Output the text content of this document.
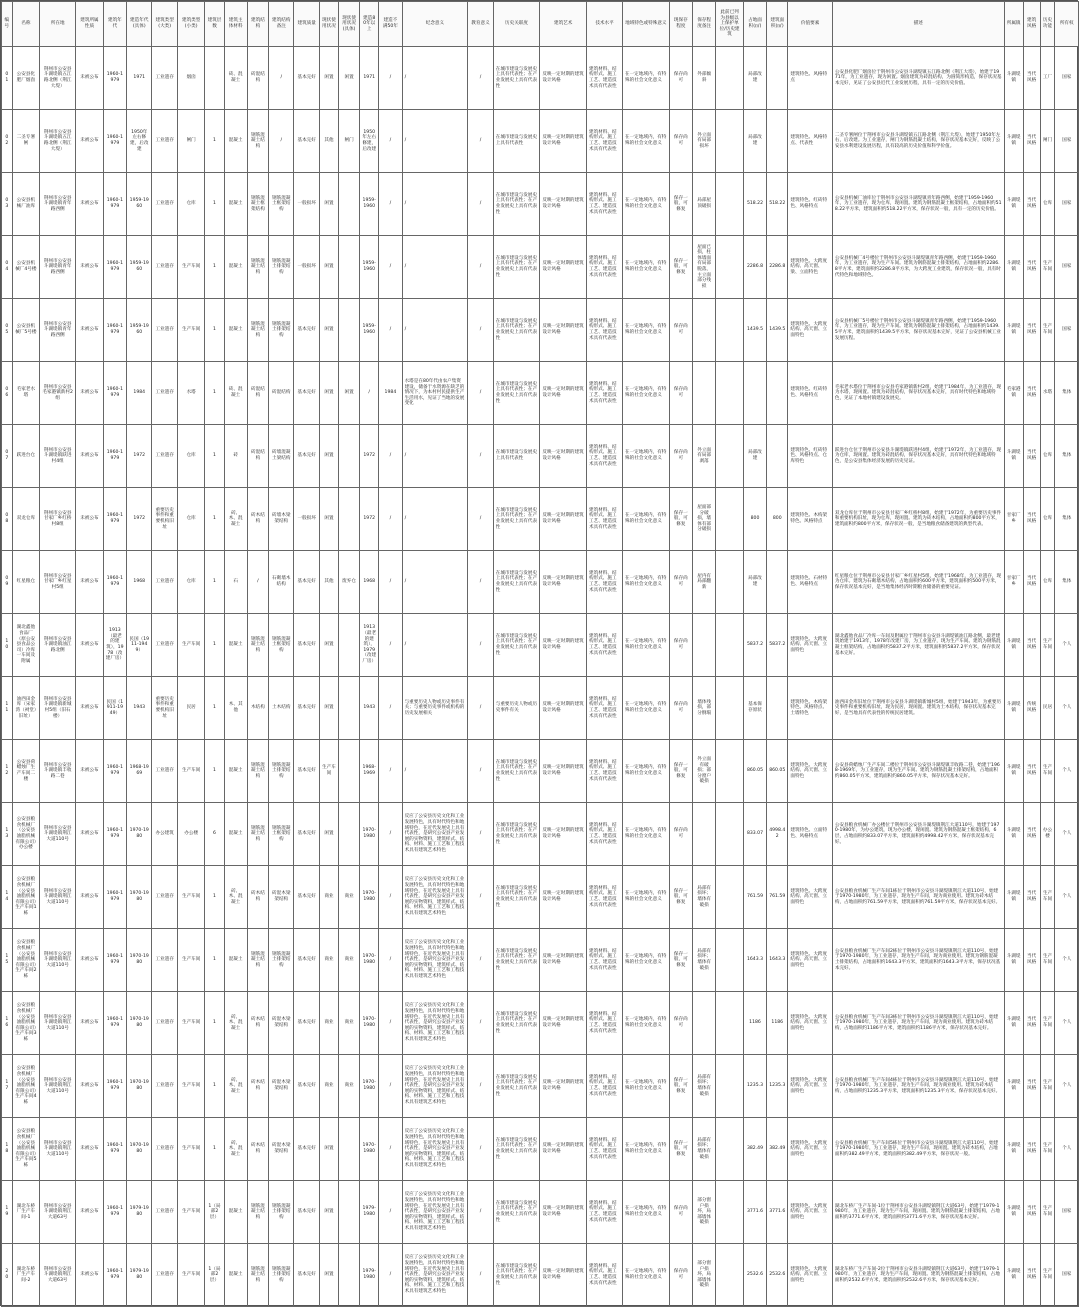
编号	名称	所在地	建筑所属性质	建筑年代	建造年代(具体)	建筑类型(大类)	建筑类型(小类)	建筑层数	建筑主体材料	建筑结构	建筑结构备注	建筑质量	现状使用状况	现状使用状况(具体)	建造80年以上	建造不满50年	纪念意义	教育意义	历史关联度	建筑艺术	技术水平	地域特色或特殊意义	现保存程度	保存程度备注	此前已列为县级以上保护单位/历史建筑	占地面积(㎡)	建筑面积(㎡)	价值要素	描述	所属镇	建筑风格	历史功能	所有权
01	公安县化肥厂烟囱	荆州市公安县斗湖堤镇五江路北侧（荆江大堤）	未被公布	1960-1979	1971	工业遗存	烟囱		砖、混凝土	砖混结构	/	基本完好	闲置	闲置	1971	/	/	/	在城市建设与发展史上具有代表性；在产业发展史上具有代表性	反映一定时期的建筑设计风格	建筑材料、结构形式、施工工艺、建造技术具有代表性	在一定地域内，有特殊的社会文化意义	保存尚可	外部倾斜		局部改建		建筑特色、风格特点	公安县化肥厂烟囱位于荆州市公安县斗湖堤镇五江路北侧（荆江大堤），始建于1971年，为工业遗存，现为闲置。烟囱建筑为砖混结构，为圆筒形构造，保存状况基本完好，见证了公安县近代工业发展历程，具有一定的历史价值。	斗湖堤镇	当代风格	工厂	国家
02	二圣专署闸	荆州市公安县斗湖堤镇五江路北侧（荆江大堤）	未被公布	1960-1979	1950年左右修建，后改建	工业遗存	闸门	1	混凝土	钢筋混凝土结构	/	基本完好	其他	闸门	1950年左右修建，后改建	/	/	/	在城市建设与发展史上具有代表性	反映一定时期的建筑设计风格	建筑材料、结构形式、施工工艺、建造技术具有代表性	在一定地域内，有特殊的社会文化意义	保存尚可	外立面有局部损坏		局部改建		建筑特色、风格特点、代表性	二圣专署闸位于荆州市公安县斗湖堤镇五江路北侧（荆江大堤），始建于1950年左右，后改建。为工业遗存，闸门为钢筋混凝土结构，保存状况基本完好，反映了公安县水利建设发展历程，具有较高的历史价值和科学价值。	斗湖堤镇	当代风格	闸门	国家
03	公安县机械厂油库	荆州市公安县斗湖堤镇青年路西侧	未被公布	1960-1979	1959-1960	工业遗存	仓库	1	混凝土	钢筋混凝土框架结构	钢筋混凝土框架结构	一般损坏	闲置		1959-1960	/	/	/	在城市建设与发展史上具有代表性；在产业发展史上具有代表性	反映一定时期的建筑设计风格	建筑材料、结构形式、施工工艺、建造技术具有代表性	在一定地域内，有特殊的社会文化意义	保存一般，可修复	局部屋顶破损		518.22	518.22	建筑特色、红砖特色、风格特点	公安县机械厂油库位于荆州市公安县斗湖堤镇青年路西侧，始建于1959-1960年，为工业遗存，现为仓库，现闲置。建筑为钢筋混凝土框架结构，占地面积约518.22平方米，建筑面积约518.22平方米，保存状况一般，具有一定的历史价值。	斗湖堤镇	当代风格	仓库	国家
04	公安县机械厂4号楼	荆州市公安县斗湖堤镇青年路西侧	未被公布	1960-1979	1959-1960	工业遗存	生产车间	1	混凝土	钢筋混凝土结构	钢筋混凝土排架结构	一般损坏	闲置		1959-1960	/	/	/	在城市建设与发展史上具有代表性；在产业发展史上具有代表性	反映一定时期的建筑设计风格	建筑材料、结构形式、施工工艺、建造技术具有代表性	在一定地域内，有特殊的社会文化意义	保存一般，可修复	屋面已损，柱体墙面有局部脱落，主立面部分残损		2286.8	2286.8	建筑特色、大跨度结构、高天窗、梁、立面特色	公安县机械厂4号楼位于荆州市公安县斗湖堤镇青年路西侧，始建于1959-1960年，为工业遗存，现为生产车间。建筑为钢筋混凝土排架结构，占地面积约2286.8平方米，建筑面积约2286.8平方米，为大跨度工业建筑，保存状况一般，具有时代特色和地域特色。	斗湖堤镇	当代风格	生产车间	国家
05	公安县机械厂5号楼	荆州市公安县斗湖堤镇青年路西侧	未被公布	1960-1979	1959-1960	工业遗存	生产车间	1	混凝土	钢筋混凝土结构	钢筋混凝土排架结构	基本完好	闲置		1959-1960	/	/	/	在城市建设与发展史上具有代表性；在产业发展史上具有代表性	反映一定时期的建筑设计风格	建筑材料、结构形式、施工工艺、建造技术具有代表性	在一定地域内，有特殊的社会文化意义	保存尚可			1439.5	1439.5	建筑特色、大跨度结构、高天窗、立面特色	公安县机械厂5号楼位于荆州市公安县斗湖堤镇青年路西侧，始建于1959-1960年，为工业遗存，现为生产车间。建筑为钢筋混凝土排架结构，占地面积约1439.5平方米，建筑面积约1439.5平方米，保存状况基本完好，见证了公安县机械工业发展历程。	斗湖堤镇	当代风格	生产车间	国家
06	毛家老水塔	荆州市公安县毛家港镇新村2组	未被公布	1960-1979	1984	工业遗存	水塔	1	砖、混凝土	砖混结构	砖混结构	基本完好	闲置	闲置	/	1984	水塔是在80年代由农户集资建设，储备于水资源在缺乏的情况下，为本村村民提供生产生活用水，见证了当地的发展变化	/	在城市建设与发展史上具有代表性；在产业发展史上具有代表性	反映一定时期的建筑设计风格	建筑材料、结构形式、施工工艺、建造技术具有代表性	在一定地域内，有特殊的社会文化意义	保存尚可					建筑特色、红砖特色、风格特点	毛家老水塔位于荆州市公安县毛家港镇新村2组，始建于1984年，为工业遗存，现为水塔，现闲置。建筑为砖混结构，保存状况基本完好，具有时代特色和地域特色，见证了本地村镇建设发展史。	毛家港镇	当代风格	水塔	集体
07	跃进台仓	荆州市公安县斗湖堤镇跃进村4组	未被公布	1960-1979	1972	工业遗存	仓库	1	砖	砖混结构	砖墙混凝土梁结构	基本完好	闲置		1972	/	/	/	在城市建设与发展史上具有代表性	反映一定时期的建筑设计风格	建筑材料、结构形式、施工工艺、建造技术具有代表性	在一定地域内，有特殊的社会文化意义	保存尚可	外立面有局部剥落		局部改建		建筑特色、红砖特色、风格特点、仓库特色	跃进台仓位于荆州市公安县斗湖堤镇跃进村4组，始建于1972年，为工业遗存，现为仓库，现闲置。建筑为砖混结构，保存状况基本完好，具有时代特色和地域特色，是公安县集体经济发展的历史见证。	斗湖堤镇	当代风格	仓库	集体
08	双龙仓库	荆州市公安县甘家厂乡红桥村8组	未被公布	1960-1979	1972	重要历史事件和重要机构旧址	仓库	1	砖、木、混凝土	砖木结构	砖墙木梁架结构	一般损坏	闲置		1972	/	/	/	在城市建设与发展史上具有代表性；在产业发展史上具有代表性	反映一定时期的建筑设计风格	建筑材料、结构形式、施工工艺、建造技术具有代表性	在一定地域内，有特殊的社会文化意义	保存一般，可修复	屋面部分破损，墙体有部分破损		800	800	建筑特色、木构架特色、风格特点	双龙仓库位于荆州市公安县甘家厂乡红桥村8组，始建于1972年，为重要历史事件和重要机构旧址，现为仓库，现闲置。建筑为砖木结构，占地面积约800平方米，建筑面积约800平方米，保存状况一般，是当地粮食储备建筑的典型代表。	甘家厂乡	当代风格	仓库	集体
09	红星粮仓	荆州市公安县甘家厂乡红星村5组	未被公布	1960-1979	1968	工业遗存	仓库	1	石	/	石砌墙木结构	基本完好	其他	废弃仓	1968	/	/	/	在城市建设与发展史上具有代表性；在产业发展史上具有代表性	反映一定时期的建筑设计风格	建筑材料、结构形式、施工工艺、建造技术具有代表性	在一定地域内，有特殊的社会文化意义	保存尚可	屋内有局部翻新		局部改建		建筑特色、石材特色、风格特点	红星粮仓位于荆州市公安县甘家厂乡红星村5组，始建于1968年，为工业遗存，现为仓库。建筑为石砌墙木结构，占地面积约600平方米，建筑面积约500平方米，保存状况基本完好，是当地集体经济时期粮食储备的重要见证。	甘家厂乡	当代风格	仓库	集体
10	湖北鑫他食品厂（原公安县食品公司）冷库一车间及附属	荆州市公安县斗湖堤镇油江路北侧	未被公布	1913（最老的建筑），1978（改建厂房）	民国（1911-1949）	工业遗存	生产车间	1	混凝土	钢筋混凝土结构	钢筋混凝土框架结构	基本完好	闲置		1913（最老的建筑），1979（改建厂房）	/	/	/	在城市建设与发展史上具有代表性；在产业发展史上具有代表性	反映一定时期的建筑设计风格	建筑材料、结构形式、施工工艺、建造技术具有代表性	在一定地域内，有特殊的社会文化意义	保存尚可			5837.2	5837.2	建筑特色、大跨度结构、高天窗、立面特色	湖北鑫他食品厂冷库一车间及附属位于荆州市公安县斗湖堤镇油江路北侧，最老建筑始建于1913年，1978年改建厂房，为工业遗存，现为生产车间。建筑为钢筋混凝土框架结构，占地面积约5837.2平方米，建筑面积约5837.2平方米，保存状况基本完好。	斗湖堤镇	当代风格	生产车间	个人
11	油西田金库（宋家湾（祠堂）旧址）	荆州市公安县斗湖堤镇新城村5组（旧石楼）	未被公布	民国（1911-1949）	1943	重要历史事件和重要机构旧址	民居	1	木、其他	木结构	土木结构	基本完好	闲置		1943	/	与重要历史人物或历史事件有关；与重要历史事件或机构的历史发展相关	/	与重要历史人物或历史事件有关	反映一定时期的建筑设计风格	建筑材料、结构形式、施工工艺、建造技术具有代表性	在一定地域内，有特殊的社会文化意义	保存尚可	墙体残损，部分倒塌		基本保存原状		建筑特色、木构架特色、风格特点、土墙特色	油西田金库旧址位于荆州市公安县斗湖堤镇新城村5组，始建于1943年，为重要历史事件和重要机构旧址，现为民居，现闲置。建筑为土木结构，保存状况基本完好，是当地具有代表性的传统民居建筑。	斗湖堤镇	传统风格	民居	个人
12	公安县荷蜡烛厂生产车间二楼	荆州市公安县斗湖堤镇丰收路二巷	未被公布	1960-1979	1968-1969	工业遗存	生产车间	1	混凝土	钢筋混凝土结构	钢筋混凝土排架结构	基本完好	生产车间		1968-1969	/	/	/	在城市建设与发展史上具有代表性；在产业发展史上具有代表性	反映一定时期的建筑设计风格	建筑材料、结构形式、施工工艺、建造技术具有代表性	在一定地域内，有特殊的社会文化意义	保存一般，可修复	外立面有破损；部分窗户破损		860.05	860.05	建筑特色、大跨度结构、高天窗、立面特色	公安县荷蜡烛厂生产车间二楼位于荆州市公安县斗湖堤镇丰收路二巷，始建于1968-1969年，为工业遗存，现为生产车间。建筑为钢筋混凝土排架结构，占地面积约860.05平方米，建筑面积约860.05平方米，保存状况基本完好。	斗湖堤镇	当代风格	生产车间	个人
13	公安县粮食机械厂（公安县油脂机械有限公司）办公楼	荆州市公安县斗湖堤镇荆江大道110号	未被公布	1960-1979	1970-1980	办公建筑	办公楼	6	混凝土	钢筋混凝土结构	钢筋混凝土框架结构	基本完好	闲置		1970-1980	/	反应了公安县历史文化和工业发展特色，具有时代特色和地域特色，在近代发展史上具有代表性，是研究公安县产业发展的实物资料，建筑样式、结构、材料、施工工艺和工程技术具有建筑艺术特色	/	在城市建设与发展史上具有代表性；在产业发展史上具有代表性	反映一定时期的建筑设计风格	建筑材料、结构形式、施工工艺、建造技术具有代表性	在一定地域内，有特殊的社会文化意义	保存尚可			833.07	4998.42	建筑特色、立面特色、风格特点	公安县粮食机械厂办公楼位于荆州市公安县斗湖堤镇荆江大道110号，始建于1970-1980年，为办公建筑，现为办公楼，现闲置。建筑为钢筋混凝土框架结构，6层，占地面积约833.07平方米，建筑面积约4998.42平方米，保存状况基本完好。	斗湖堤镇	当代风格	办公楼	个人
14	公安县粮食机械厂（公安县油脂机械有限公司）生产车间1栋	荆州市公安县斗湖堤镇荆江大道110号	未被公布	1960-1979	1970-1980	工业遗存	生产车间	1	砖、木、混凝土	砖木结构	砖混木梁架结构	基本完好	商业	商业	1970-1980	/	反应了公安县历史文化和工业发展特色，具有时代特色和地域特色，在近代发展史上具有代表性，是研究公安县产业发展的实物资料，建筑样式、结构、材料、施工工艺和工程技术具有建筑艺术特色	/	在城市建设与发展史上具有代表性；在产业发展史上具有代表性	反映一定时期的建筑设计风格	建筑材料、结构形式、施工工艺、建造技术具有代表性	在一定地域内，有特殊的社会文化意义	保存一般，可修复	局部有损坏；墙体有破损		761.59	761.59	建筑特色、大跨度结构、高天窗、立面特色	公安县粮食机械厂生产车间1栋位于荆州市公安县斗湖堤镇荆江大道110号，始建于1970-1980年，为工业遗存，现为生产车间，现为商业使用。建筑为砖木结构，占地面积约761.59平方米，建筑面积约761.59平方米，保存状况基本完好。	斗湖堤镇	当代风格	生产车间	个人
15	公安县粮食机械厂（公安县油脂机械有限公司）生产车间2栋	荆州市公安县斗湖堤镇荆江大道110号	未被公布	1960-1979	1970-1980	工业遗存	生产车间	1	混凝土	钢筋混凝土结构	钢筋混凝土排架结构	基本完好	商业	商业	1970-1980	/	反应了公安县历史文化和工业发展特色，具有时代特色和地域特色，在近代发展史上具有代表性，是研究公安县产业发展的实物资料，建筑样式、结构、材料、施工工艺和工程技术具有建筑艺术特色	/	在城市建设与发展史上具有代表性；在产业发展史上具有代表性	反映一定时期的建筑设计风格	建筑材料、结构形式、施工工艺、建造技术具有代表性	在一定地域内，有特殊的社会文化意义	保存一般，可修复	局部有损坏；墙体有破损		1643.3	1643.3	建筑特色、大跨度结构、高天窗、立面特色	公安县粮食机械厂生产车间2栋位于荆州市公安县斗湖堤镇荆江大道110号，始建于1970-1980年，为工业遗存，现为生产车间，现为商业使用。建筑为钢筋混凝土排架结构，占地面积约1643.3平方米，建筑面积约1643.3平方米，保存状况基本完好。	斗湖堤镇	当代风格	生产车间	个人
16	公安县粮食机械厂（公安县油脂机械有限公司）生产车间3栋	荆州市公安县斗湖堤镇荆江大道110号	未被公布	1960-1979	1970-1980	工业遗存	生产车间	1	砖、木、混凝土	砖木结构	砖混木梁架结构	基本完好	商业	商业	1970-1980	/	反应了公安县历史文化和工业发展特色，具有时代特色和地域特色，在近代发展史上具有代表性，是研究公安县产业发展的实物资料，建筑样式、结构、材料、施工工艺和工程技术具有建筑艺术特色	/	在城市建设与发展史上具有代表性；在产业发展史上具有代表性	反映一定时期的建筑设计风格	建筑材料、结构形式、施工工艺、建造技术具有代表性	在一定地域内，有特殊的社会文化意义	保存尚可			1186	1186	建筑特色、大跨度结构、高天窗、立面特色	公安县粮食机械厂生产车间3栋位于荆州市公安县斗湖堤镇荆江大道110号，始建于1970-1980年，为工业遗存，现为生产车间，现为商业使用。建筑为砖木结构，占地面积约1186平方米，建筑面积约1186平方米，保存状况基本完好。	斗湖堤镇	当代风格	生产车间	个人
17	公安县粮食机械厂（公安县油脂机械有限公司）生产车间4栋	荆州市公安县斗湖堤镇荆江大道110号	未被公布	1960-1979	1970-1980	工业遗存	生产车间	1	砖、木、混凝土	砖木结构	砖混木梁架结构	基本完好	商业	商业	1970-1980	/	反应了公安县历史文化和工业发展特色，具有时代特色和地域特色，在近代发展史上具有代表性，是研究公安县产业发展的实物资料，建筑样式、结构、材料、施工工艺和工程技术具有建筑艺术特色	/	在城市建设与发展史上具有代表性；在产业发展史上具有代表性	反映一定时期的建筑设计风格	建筑材料、结构形式、施工工艺、建造技术具有代表性	在一定地域内，有特殊的社会文化意义	保存一般，可修复	局部有损坏；墙体有破损		1235.3	1235.3	建筑特色、大跨度结构、高天窗、立面特色	公安县粮食机械厂生产车间4栋位于荆州市公安县斗湖堤镇荆江大道110号，始建于1970-1980年，为工业遗存，现为生产车间，现为商业使用。建筑为砖木结构，占地面积约1235.3平方米，建筑面积约1235.3平方米，保存状况基本完好。	斗湖堤镇	当代风格	生产车间	个人
18	公安县粮食机械厂（公安县油脂机械有限公司）生产车间5栋	荆州市公安县斗湖堤镇荆江大道110号	未被公布	1960-1979	1970-1980	工业遗存	生产车间	1	砖、木、混凝土	砖木结构	砖混木梁架结构	基本完好	闲置		1970-1980	/	反应了公安县历史文化和工业发展特色，具有时代特色和地域特色，在近代发展史上具有代表性，是研究公安县产业发展的实物资料，建筑样式、结构、材料、施工工艺和工程技术具有建筑艺术特色	/	在城市建设与发展史上具有代表性；在产业发展史上具有代表性	反映一定时期的建筑设计风格	建筑材料、结构形式、施工工艺、建造技术具有代表性	在一定地域内，有特殊的社会文化意义	保存一般，可修复	局部有损坏；墙体有破损		382.49	382.49	建筑特色、大跨度结构、高天窗、立面特色	公安县粮食机械厂生产车间5栋位于荆州市公安县斗湖堤镇荆江大道110号，始建于1970-1980年，为工业遗存，现为生产车间，现闲置。建筑为砖木结构，占地面积约382.49平方米，建筑面积约382.49平方米，保存状况一般。	斗湖堤镇	当代风格	生产车间	个人
19	湖北车桥厂生产车间-1	荆州市公安县斗湖堤镇荆江大道63号	未被公布	1960-1979	1979-1980	工业遗存	生产车间	1（局部2层）	混凝土	钢筋混凝土结构	钢筋混凝土排架结构	基本完好	闲置		1979-1980	/	反应了公安县历史文化和工业发展特色，具有时代特色和地域特色，在近代发展史上具有代表性，是研究公安县产业发展的实物资料，建筑样式、结构、材料、施工工艺和工程技术具有建筑艺术特色	/	在城市建设与发展史上具有代表性；在产业发展史上具有代表性	反映一定时期的建筑设计风格	建筑材料、结构形式、施工工艺、建造技术具有代表性	在一定地域内，有特殊的社会文化意义	保存尚可	部分窗户损坏，局部墙体破损		3771.6	3771.6	建筑特色、大跨度结构、高天窗、立面特色	湖北车桥厂生产车间-1位于荆州市公安县斗湖堤镇荆江大道63号，始建于1979-1980年，为工业遗存，现为生产车间，现闲置。建筑为钢筋混凝土排架结构，占地面积约3771.6平方米，建筑面积约3771.6平方米，保存状况基本完好。	斗湖堤镇	当代风格	生产车间	国家
20	湖北车桥厂生产车间-2	荆州市公安县斗湖堤镇荆江大道63号	未被公布	1960-1979	1979-1980	工业遗存	生产车间	1（局部2层）	混凝土	钢筋混凝土结构	钢筋混凝土排架结构	基本完好	闲置		1979-1980	/	反应了公安县历史文化和工业发展特色，具有时代特色和地域特色，在近代发展史上具有代表性，是研究公安县产业发展的实物资料，建筑样式、结构、材料、施工工艺和工程技术具有建筑艺术特色	/	在城市建设与发展史上具有代表性；在产业发展史上具有代表性	反映一定时期的建筑设计风格	建筑材料、结构形式、施工工艺、建造技术具有代表性	在一定地域内，有特殊的社会文化意义	保存尚可	部分窗户损坏，局部墙体破损		2532.6	2532.6	建筑特色、大跨度结构、高天窗、立面特色	湖北车桥厂生产车间-2位于荆州市公安县斗湖堤镇荆江大道63号，始建于1979-1980年，为工业遗存，现为生产车间，现闲置。建筑为钢筋混凝土排架结构，占地面积约2532.6平方米，建筑面积约2532.6平方米，保存状况基本完好。	斗湖堤镇	当代风格	生产车间	国家
